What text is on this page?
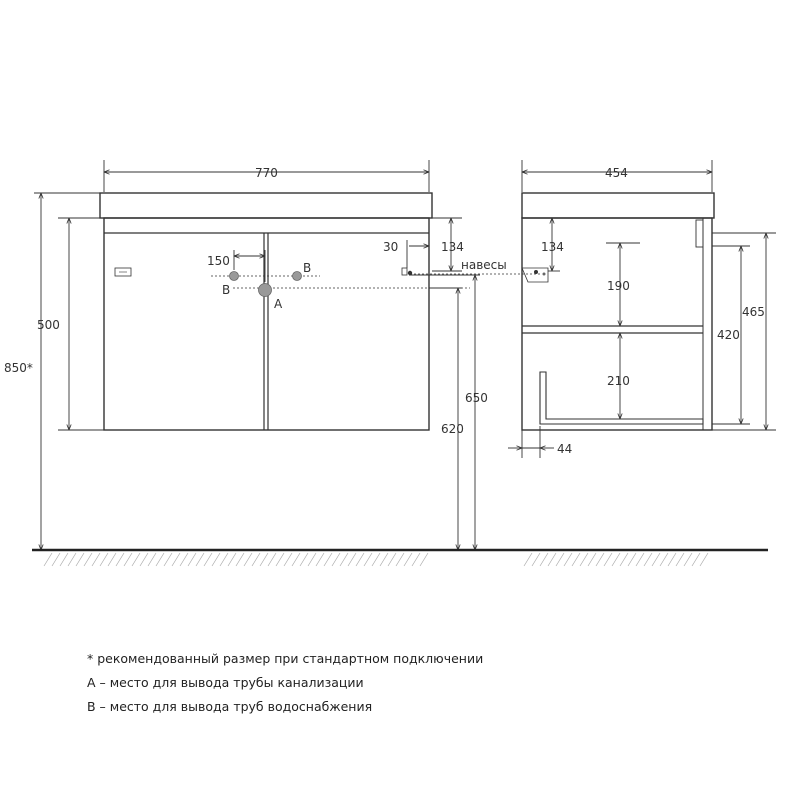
B
B
A
навесы
770
850*
500
150
30	134
620
650
454
134
190
210
465
420
44
* рекомендованный размер при стандартном подключении
А – место для вывода трубы канализации
В – место для вывода труб водоснабжения
